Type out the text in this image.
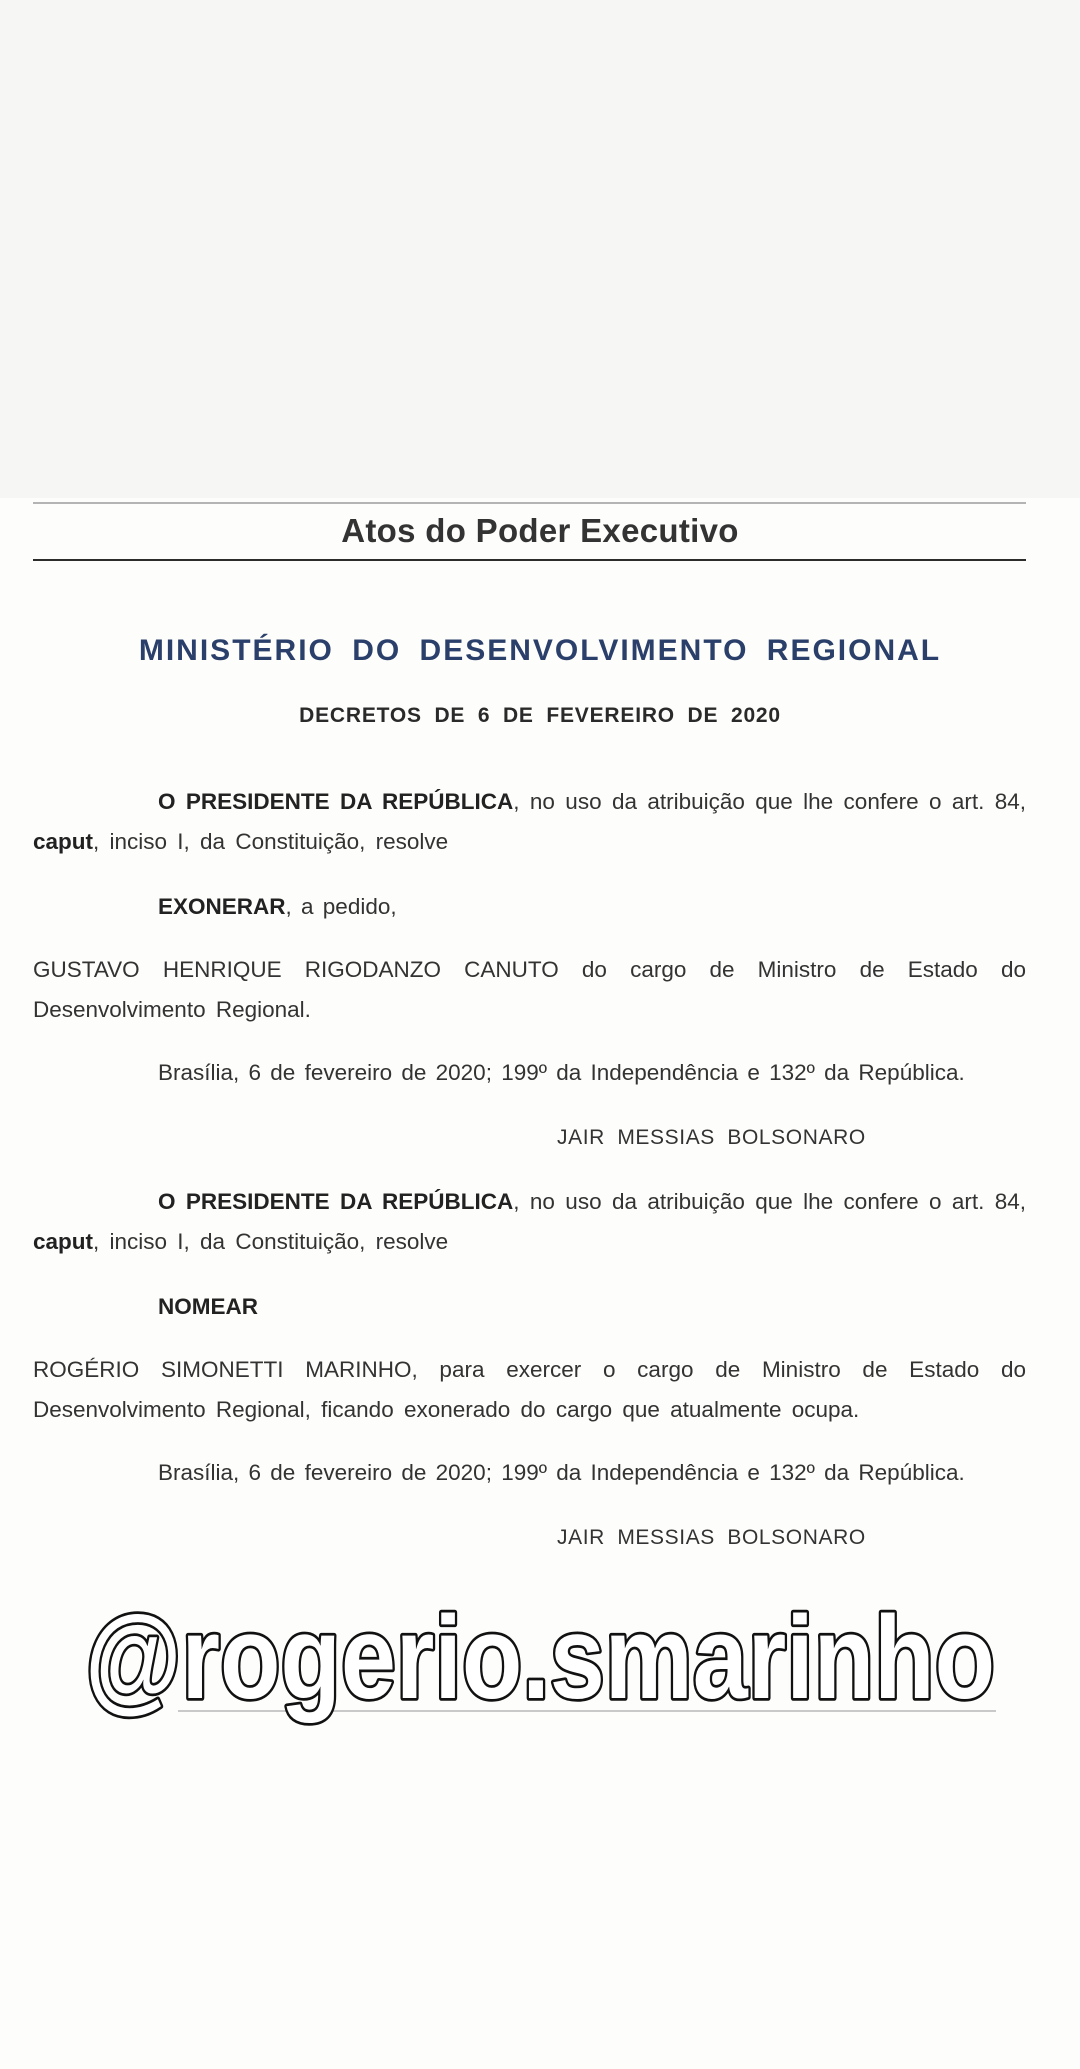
Atos do Poder Executivo
MINISTÉRIO DO DESENVOLVIMENTO REGIONAL
DECRETOS DE 6 DE FEVEREIRO DE 2020
O PRESIDENTE DA REPÚBLICA, no uso da atribuição que lhe confere o art. 84, caput, inciso I, da Constituição, resolve
EXONERAR, a pedido,
GUSTAVO HENRIQUE RIGODANZO CANUTO do cargo de Ministro de Estado do Desenvolvimento Regional.
Brasília, 6 de fevereiro de 2020; 199º da Independência e 132º da República.
JAIR MESSIAS BOLSONARO
O PRESIDENTE DA REPÚBLICA, no uso da atribuição que lhe confere o art. 84, caput, inciso I, da Constituição, resolve
NOMEAR
ROGÉRIO SIMONETTI MARINHO, para exercer o cargo de Ministro de Estado do Desenvolvimento Regional, ficando exonerado do cargo que atualmente ocupa.
Brasília, 6 de fevereiro de 2020; 199º da Independência e 132º da República.
JAIR MESSIAS BOLSONARO
@rogerio.smarinho
